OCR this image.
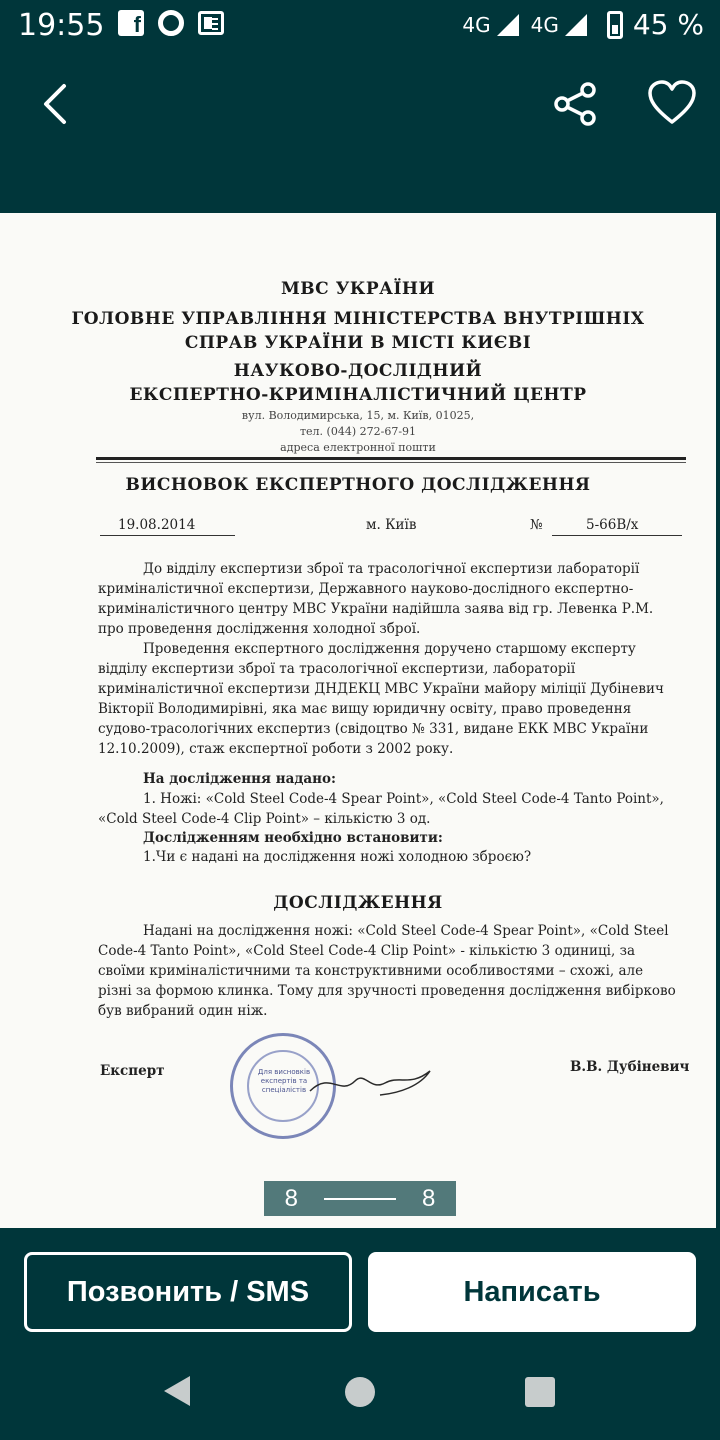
19:55	f	4G 4G	45 %
МВС УКРАЇНИ
ГОЛОВНЕ УПРАВЛІННЯ МІНІСТЕРСТВА ВНУТРІШНІХ
СПРАВ УКРАЇНИ В МІСТІ КИЄВІ
НАУКОВО-ДОСЛІДНИЙ
ЕКСПЕРТНО-КРИМІНАЛІСТИЧНИЙ ЦЕНТР
вул. Володимирська, 15, м. Київ, 01025,
тел. (044) 272-67-91
адреса електронної пошти
ВИСНОВОК ЕКСПЕРТНОГО ДОСЛІДЖЕННЯ
19.08.2014	м. Київ	№	5-66В/х
До відділу експертизи зброї та трасологічної експертизи лабораторії
криміналістичної експертизи, Державного науково-дослідного експертно-
криміналістичного центру МВС України надійшла заява від гр. Левенка Р.М.
про проведення дослідження холодної зброї.
Проведення експертного дослідження доручено старшому експерту
відділу експертизи зброї та трасологічної експертизи, лабораторії
криміналістичної експертизи ДНДЕКЦ МВС України майору міліції Дубіневич
Вікторії Володимирівні, яка має вищу юридичну освіту, право проведення
судово-трасологічних експертиз (свідоцтво № 331, видане ЕКК МВС України
12.10.2009), стаж експертної роботи з 2002 року.
На дослідження надано:
1. Ножі: «Cold Steel Code-4 Spear Point», «Cold Steel Code-4 Tanto Point»,
«Cold Steel Code-4 Clip Point» – кількістю 3 од.
Дослідженням необхідно встановити:
1.Чи є надані на дослідження ножі холодною зброєю?
ДОСЛІДЖЕННЯ
Надані на дослідження ножі: «Cold Steel Code-4 Spear Point», «Cold Steel
Code-4 Tanto Point», «Cold Steel Code-4 Clip Point» - кількістю 3 одиниці, за
своїми криміналістичними та конструктивними особливостями – схожі, але
різні за формою клинка. Тому для зручності проведення дослідження вибірково
був вибраний один ніж.
Експерт	В.В. Дубіневич
Для висновків експертів та спеціалістів
8	8
Позвонить / SMS	Написать
